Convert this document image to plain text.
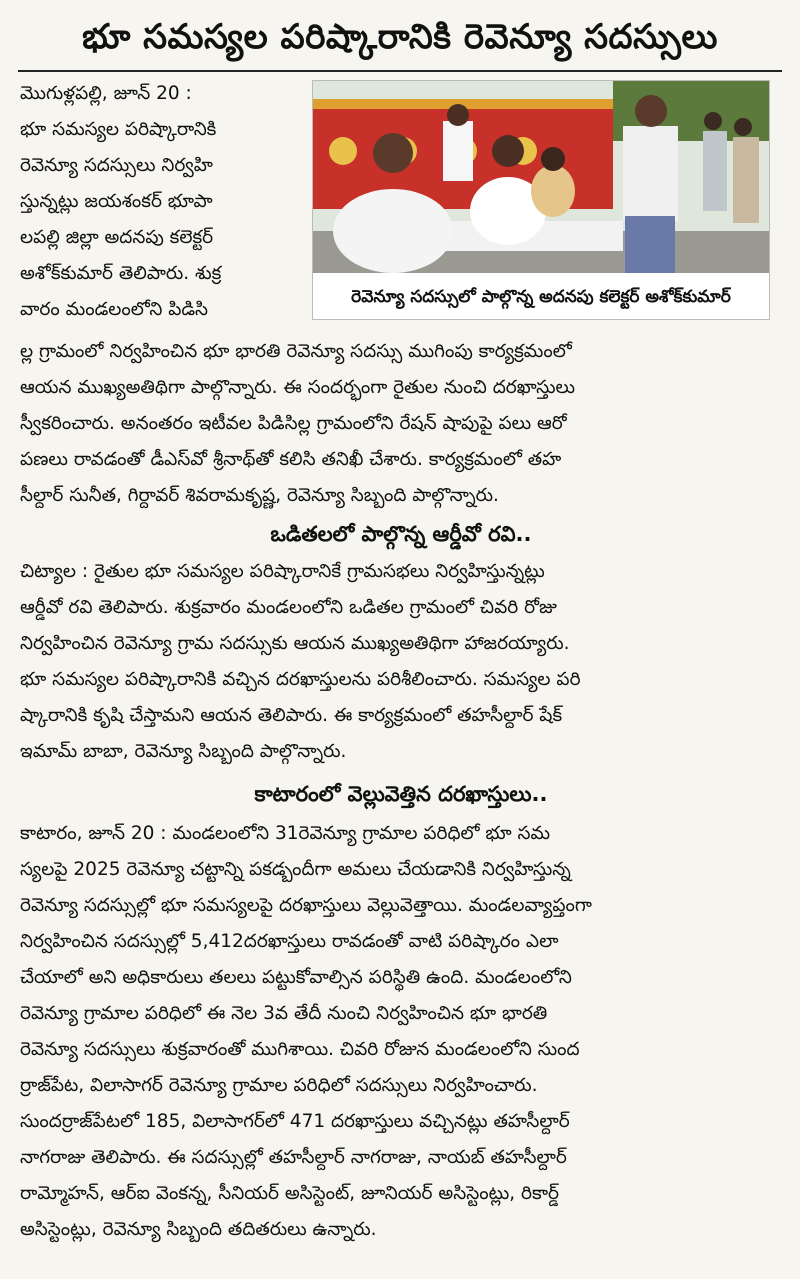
భూ సమస్యల పరిష్కారానికి రెవెన్యూ సదస్సులు
రెవెన్యూ సదస్సులో పాల్గొన్న అదనపు కలెక్టర్ అశోక్‌కుమార్
మొగుళ్లపల్లి, జూన్ 20 :
భూ సమస్యల పరిష్కారానికి
రెవెన్యూ సదస్సులు నిర్వహి
స్తున్నట్లు జయశంకర్ భూపా
లపల్లి జిల్లా అదనపు కలెక్టర్
అశోక్‌కుమార్ తెలిపారు. శుక్ర
వారం మండలంలోని పిడిసి
ల్ల గ్రామంలో నిర్వహించిన భూ భారతి రెవెన్యూ సదస్సు ముగింపు కార్యక్రమంలో
ఆయన ముఖ్యఅతిథిగా పాల్గొన్నారు. ఈ సందర్భంగా రైతుల నుంచి దరఖాస్తులు
స్వీకరించారు. అనంతరం ఇటీవల పిడిసిల్ల గ్రామంలోని రేషన్ షాపుపై పలు ఆరో
పణలు రావడంతో డీఎస్‌వో శ్రీనాథ్‌తో కలిసి తనిఖీ చేశారు. కార్యక్రమంలో తహ
సీల్దార్ సునీత, గిర్దావర్ శివరామకృష్ణ, రెవెన్యూ సిబ్బంది పాల్గొన్నారు.
ఒడితలలో పాల్గొన్న ఆర్డీవో రవి..
చిట్యాల : రైతుల భూ సమస్యల పరిష్కారానికే గ్రామసభలు నిర్వహిస్తున్నట్లు
ఆర్డీవో రవి తెలిపారు. శుక్రవారం మండలంలోని ఒడితల గ్రామంలో చివరి రోజు
నిర్వహించిన రెవెన్యూ గ్రామ సదస్సుకు ఆయన ముఖ్యఅతిథిగా హాజరయ్యారు.
భూ సమస్యల పరిష్కారానికి వచ్చిన దరఖాస్తులను పరిశీలించారు. సమస్యల పరి
ష్కారానికి కృషి చేస్తామని ఆయన తెలిపారు. ఈ కార్యక్రమంలో తహసీల్దార్ షేక్
ఇమామ్ బాబా, రెవెన్యూ సిబ్బంది పాల్గొన్నారు.
కాటారంలో వెల్లువెత్తిన దరఖాస్తులు..
కాటారం, జూన్ 20 : మండలంలోని 31రెవెన్యూ గ్రామాల పరిధిలో భూ సమ
స్యలపై 2025 రెవెన్యూ చట్టాన్ని పకడ్బందీగా అమలు చేయడానికి నిర్వహిస్తున్న
రెవెన్యూ సదస్సుల్లో భూ సమస్యలపై దరఖాస్తులు వెల్లువెత్తాయి. మండలవ్యాప్తంగా
నిర్వహించిన సదస్సుల్లో 5,412దరఖాస్తులు రావడంతో వాటి పరిష్కారం ఎలా
చేయాలో అని అధికారులు తలలు పట్టుకోవాల్సిన పరిస్థితి ఉంది. మండలంలోని
రెవెన్యూ గ్రామాల పరిధిలో ఈ నెల 3వ తేదీ నుంచి నిర్వహించిన భూ భారతి
రెవెన్యూ సదస్సులు శుక్రవారంతో ముగిశాయి. చివరి రోజున మండలంలోని సుంద
ర్రాజ్‌పేట, విలాసాగర్ రెవెన్యూ గ్రామాల పరిధిలో సదస్సులు నిర్వహించారు.
సుందర్రాజ్‌పేటలో 185, విలాసాగర్‌లో 471 దరఖాస్తులు వచ్చినట్లు తహసీల్దార్
నాగరాజు తెలిపారు. ఈ సదస్సుల్లో తహసీల్దార్ నాగరాజు, నాయబ్ తహసీల్దార్
రామ్మోహన్, ఆర్ఐ వెంకన్న, సీనియర్ అసిస్టెంట్, జూనియర్ అసిస్టెంట్లు, రికార్డ్
అసిస్టెంట్లు, రెవెన్యూ సిబ్బంది తదితరులు ఉన్నారు.
